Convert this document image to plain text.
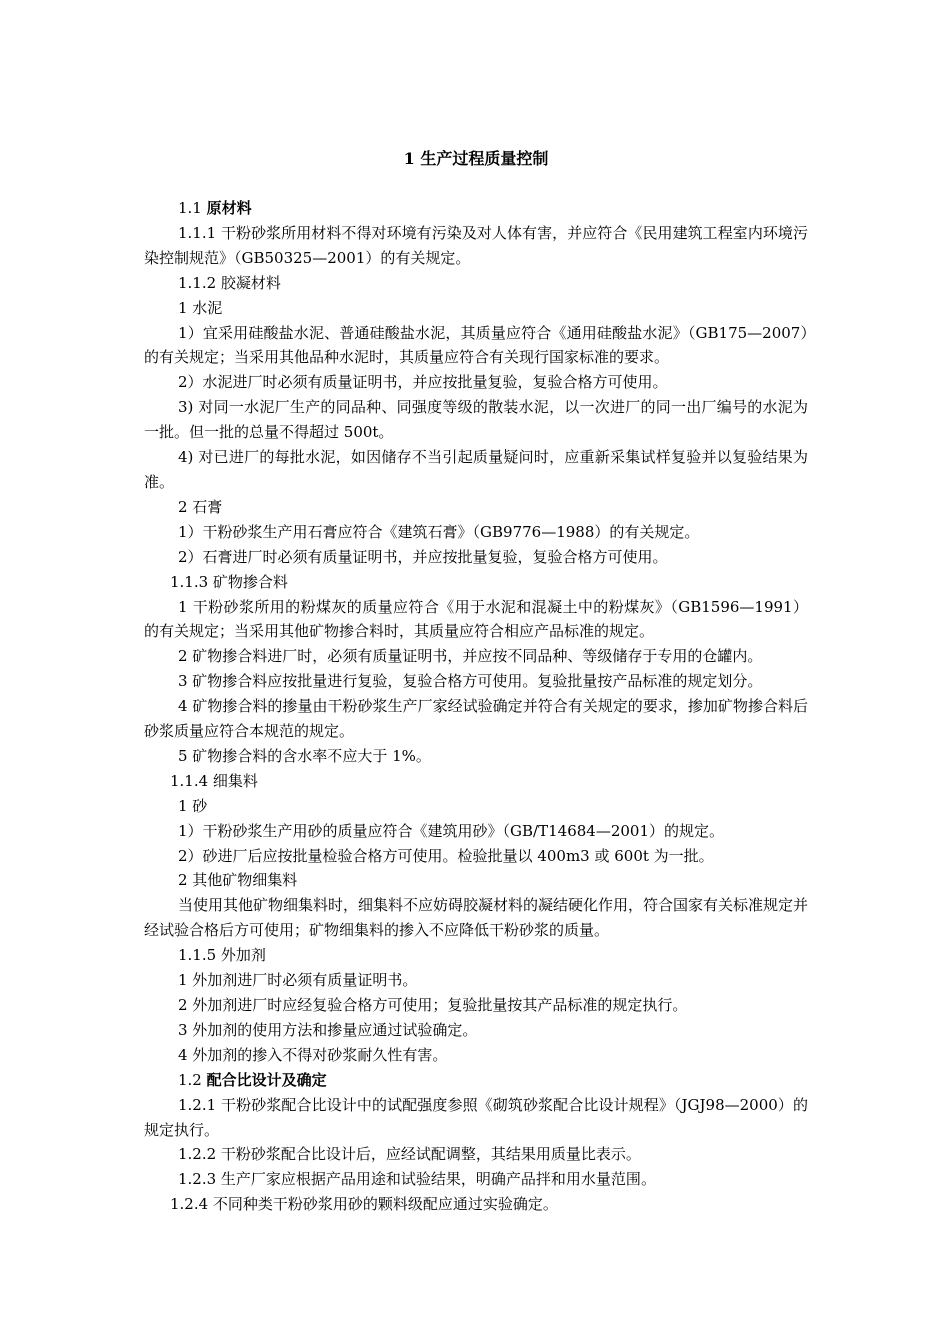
1 生产过程质量控制

1.1 原材料

1.1.1 干粉砂浆所用材料不得对环境有污染及对人体有害，并应符合《民用建筑工程室内环境污染控制规范》（GB50325—2001）的有关规定。

1.1.2 胶凝材料

1 水泥

1）宜采用硅酸盐水泥、普通硅酸盐水泥，其质量应符合《通用硅酸盐水泥》（GB175—2007）的有关规定；当采用其他品种水泥时，其质量应符合有关现行国家标准的要求。

2）水泥进厂时必须有质量证明书，并应按批量复验，复验合格方可使用。

3) 对同一水泥厂生产的同品种、同强度等级的散装水泥，以一次进厂的同一出厂编号的水泥为一批。但一批的总量不得超过 500t。

4) 对已进厂的每批水泥，如因储存不当引起质量疑问时，应重新采集试样复验并以复验结果为准。

2 石膏

1）干粉砂浆生产用石膏应符合《建筑石膏》（GB9776—1988）的有关规定。

2）石膏进厂时必须有质量证明书，并应按批量复验，复验合格方可使用。

1.1.3 矿物掺合料

1 干粉砂浆所用的粉煤灰的质量应符合《用于水泥和混凝土中的粉煤灰》（GB1596—1991）的有关规定；当采用其他矿物掺合料时，其质量应符合相应产品标准的规定。

2 矿物掺合料进厂时，必须有质量证明书，并应按不同品种、等级储存于专用的仓罐内。

3 矿物掺合料应按批量进行复验，复验合格方可使用。复验批量按产品标准的规定划分。

4 矿物掺合料的掺量由干粉砂浆生产厂家经试验确定并符合有关规定的要求，掺加矿物掺合料后砂浆质量应符合本规范的规定。

5 矿物掺合料的含水率不应大于 1%。

1.1.4 细集料

1 砂

1）干粉砂浆生产用砂的质量应符合《建筑用砂》（GB/T14684—2001）的规定。

2）砂进厂后应按批量检验合格方可使用。检验批量以 400m3 或 600t 为一批。

2 其他矿物细集料

当使用其他矿物细集料时，细集料不应妨碍胶凝材料的凝结硬化作用，符合国家有关标准规定并经试验合格后方可使用；矿物细集料的掺入不应降低干粉砂浆的质量。

1.1.5 外加剂

1 外加剂进厂时必须有质量证明书。

2 外加剂进厂时应经复验合格方可使用；复验批量按其产品标准的规定执行。

3 外加剂的使用方法和掺量应通过试验确定。

4 外加剂的掺入不得对砂浆耐久性有害。

1.2 配合比设计及确定

1.2.1 干粉砂浆配合比设计中的试配强度参照《砌筑砂浆配合比设计规程》（JGJ98—2000）的规定执行。

1.2.2 干粉砂浆配合比设计后，应经试配调整，其结果用质量比表示。

1.2.3 生产厂家应根据产品用途和试验结果，明确产品拌和用水量范围。

1.2.4 不同种类干粉砂浆用砂的颗料级配应通过实验确定。
